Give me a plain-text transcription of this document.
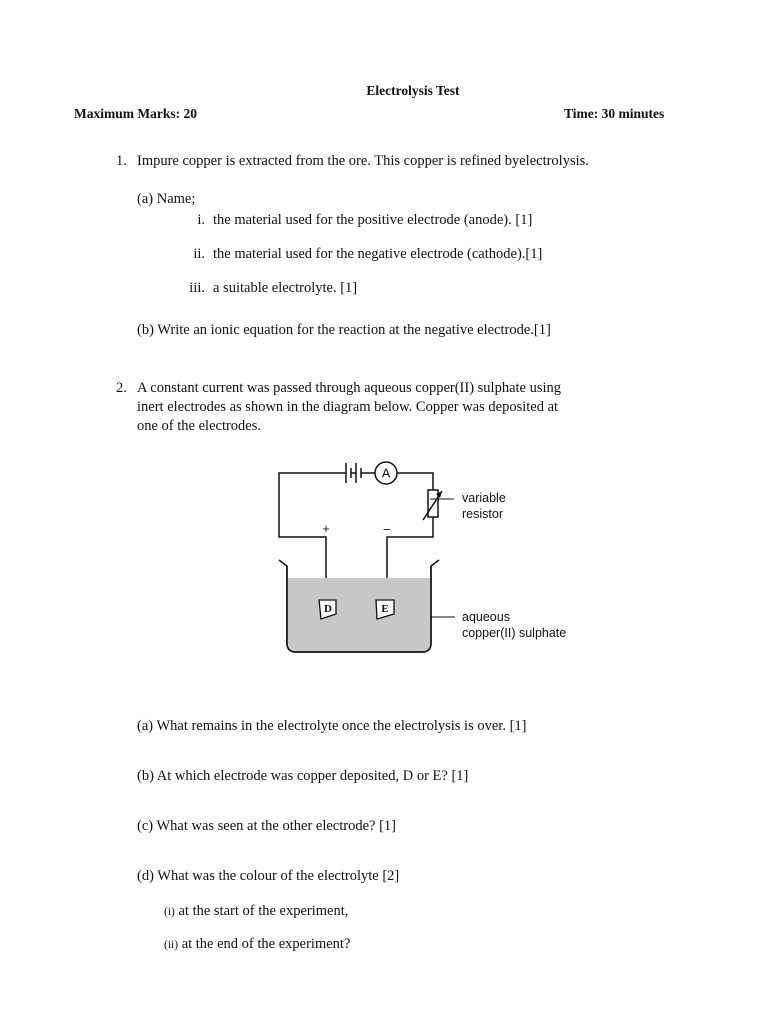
Electrolysis Test
Maximum Marks: 20	Time: 30 minutes
1. Impure copper is extracted from the ore. This copper is refined byelectrolysis.
(a) Name;
i. the material used for the positive electrode (anode). [1]
ii. the material used for the negative electrode (cathode).[1]
iii. a suitable electrolyte. [1]
(b) Write an ionic equation for the reaction at the negative electrode.[1]
2. A constant current was passed through aqueous copper(II) sulphate using
inert electrodes as shown in the diagram below. Copper was deposited at
one of the electrodes.
A
variable
resistor
+	–
D	E
aqueous
copper(II) sulphate
(a) What remains in the electrolyte once the electrolysis is over. [1]
(b) At which electrode was copper deposited, D or E? [1]
(c) What was seen at the other electrode? [1]
(d) What was the colour of the electrolyte [2]
(i) at the start of the experiment,
(ii) at the end of the experiment?
